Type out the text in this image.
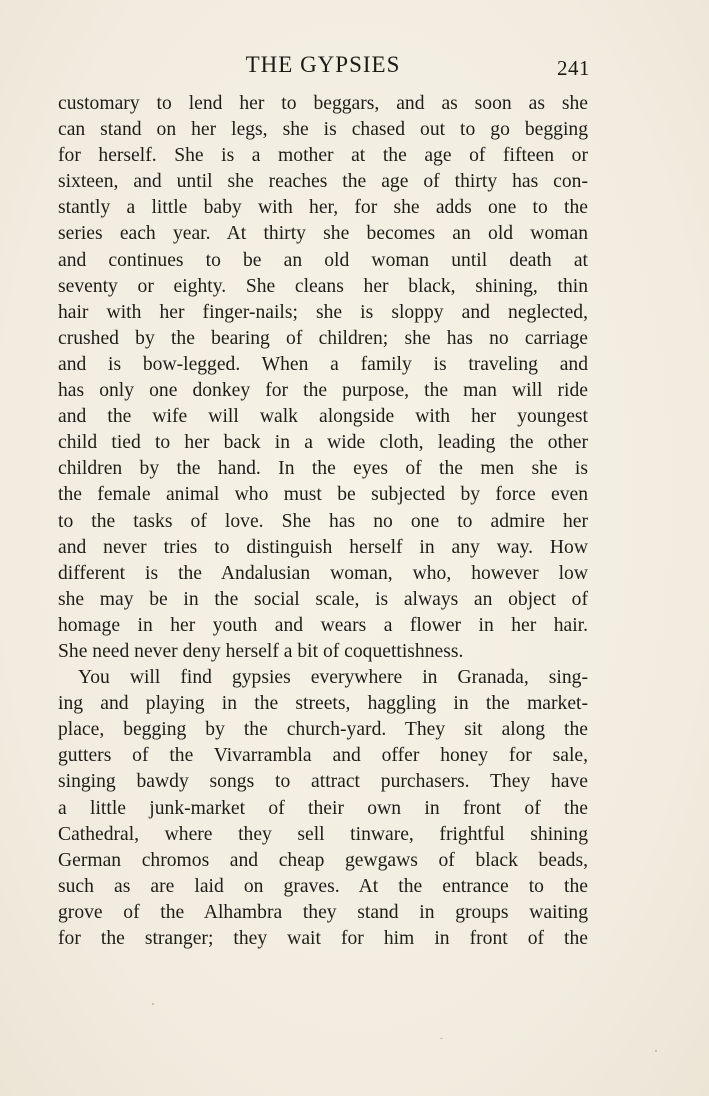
THE GYPSIES	241
customary to lend her to beggars, and as soon as she
can stand on her legs, she is chased out to go begging
for herself. She is a mother at the age of fifteen or
sixteen, and until she reaches the age of thirty has con-
stantly a little baby with her, for she adds one to the
series each year. At thirty she becomes an old woman
and continues to be an old woman until death at
seventy or eighty. She cleans her black, shining, thin
hair with her finger-nails; she is sloppy and neglected,
crushed by the bearing of children; she has no carriage
and is bow-legged. When a family is traveling and
has only one donkey for the purpose, the man will ride
and the wife will walk alongside with her youngest
child tied to her back in a wide cloth, leading the other
children by the hand. In the eyes of the men she is
the female animal who must be subjected by force even
to the tasks of love. She has no one to admire her
and never tries to distinguish herself in any way. How
different is the Andalusian woman, who, however low
she may be in the social scale, is always an object of
homage in her youth and wears a flower in her hair.
She need never deny herself a bit of coquettishness.
You will find gypsies everywhere in Granada, sing-
ing and playing in the streets, haggling in the market-
place, begging by the church-yard. They sit along the
gutters of the Vivarrambla and offer honey for sale,
singing bawdy songs to attract purchasers. They have
a little junk-market of their own in front of the
Cathedral, where they sell tinware, frightful shining
German chromos and cheap gewgaws of black beads,
such as are laid on graves. At the entrance to the
grove of the Alhambra they stand in groups waiting
for the stranger; they wait for him in front of the
